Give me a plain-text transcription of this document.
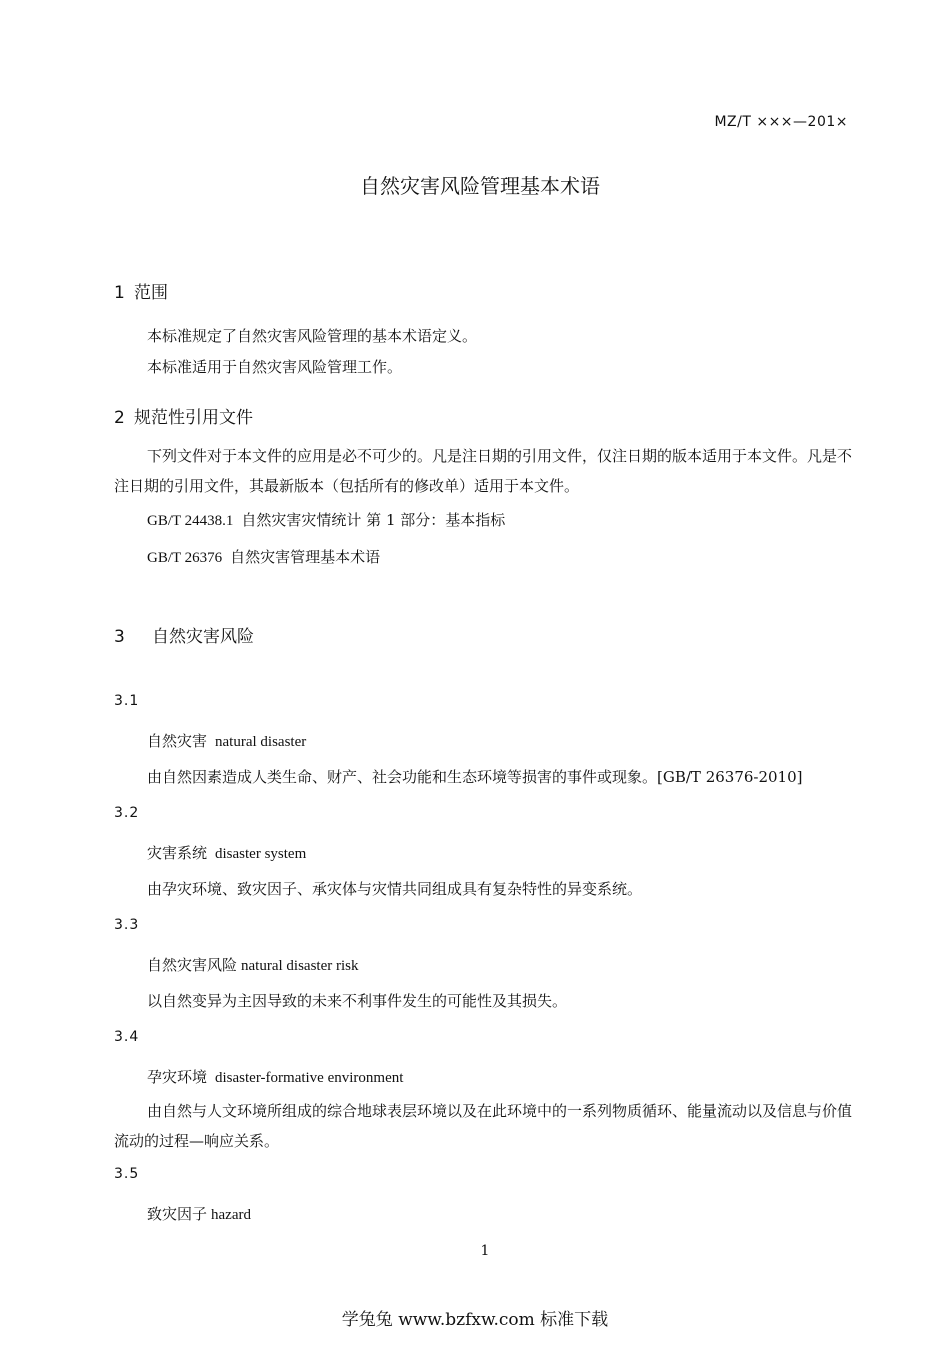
MZ/T ×××—201×
自然灾害风险管理基本术语
1 范围
本标准规定了自然灾害风险管理的基本术语定义。
本标准适用于自然灾害风险管理工作。
2 规范性引用文件
下列文件对于本文件的应用是必不可少的。凡是注日期的引用文件，仅注日期的版本适用于本文件。凡是不注日期的引用文件，其最新版本（包括所有的修改单）适用于本文件。
GB/T 24438.1 自然灾害灾情统计 第 1 部分：基本指标
GB/T 26376 自然灾害管理基本术语
3 自然灾害风险
3.1
自然灾害 natural disaster
由自然因素造成人类生命、财产、社会功能和生态环境等损害的事件或现象。[GB/T 26376-2010]
3.2
灾害系统 disaster system
由孕灾环境、致灾因子、承灾体与灾情共同组成具有复杂特性的异变系统。
3.3
自然灾害风险 natural disaster risk
以自然变异为主因导致的未来不利事件发生的可能性及其损失。
3.4
孕灾环境 disaster-formative environment
由自然与人文环境所组成的综合地球表层环境以及在此环境中的一系列物质循环、能量流动以及信息与价值流动的过程—响应关系。
3.5
致灾因子 hazard
1
学兔兔 www.bzfxw.com 标准下载
